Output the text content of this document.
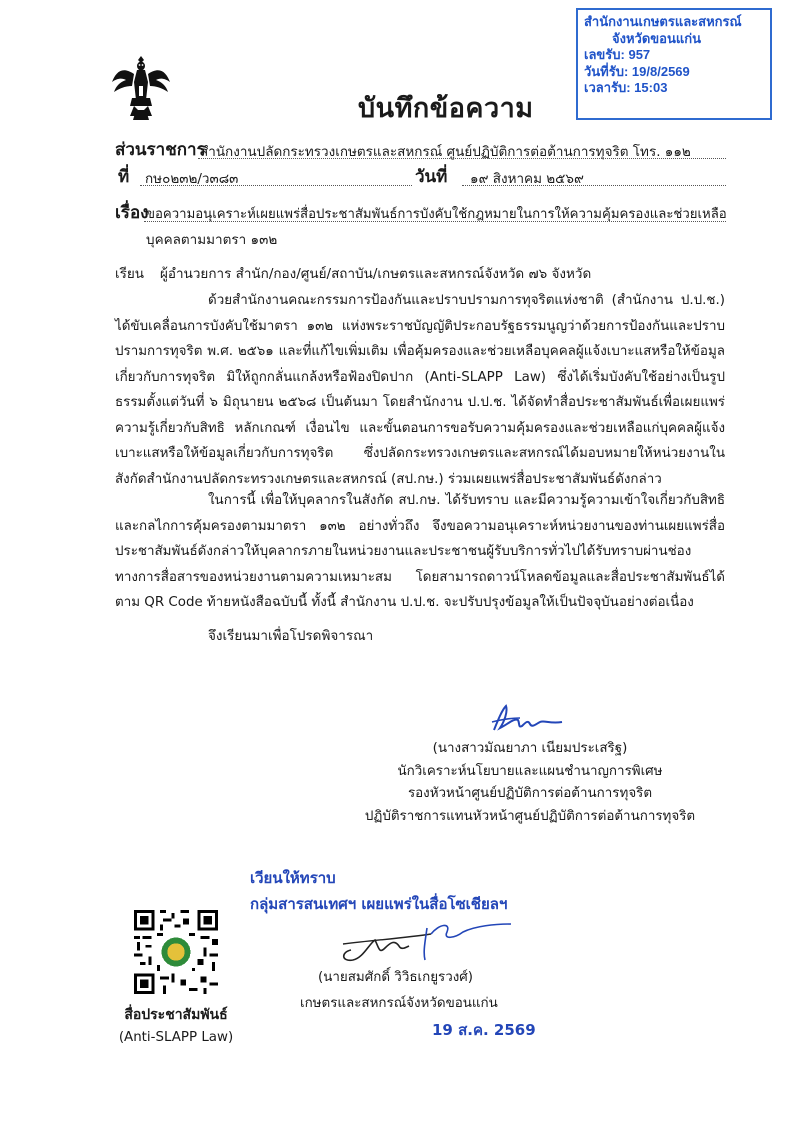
สำนักงานเกษตรและสหกรณ์
จังหวัดขอนแก่น
เลขรับ: 957
วันที่รับ: 19/8/2569
เวลารับ: 15:03
บันทึกข้อความ
ส่วนราชการ
สำนักงานปลัดกระทรวงเกษตรและสหกรณ์ ศูนย์ปฏิบัติการต่อต้านการทุจริต โทร. ๑๑๒
ที่ กษ๐๒๓๒/ว๓๘๓	วันที่ ๑๙ สิงหาคม ๒๕๖๙
เรื่อง
ขอความอนุเคราะห์เผยแพร่สื่อประชาสัมพันธ์การบังคับใช้กฎหมายในการให้ความคุ้มครองและช่วยเหลือ
บุคคลตามมาตรา ๑๓๒
เรียน ผู้อำนวยการ สำนัก/กอง/ศูนย์/สถาบัน/เกษตรและสหกรณ์จังหวัด ๗๖ จังหวัด
ด้วยสำนักงานคณะกรรมการป้องกันและปราบปรามการทุจริตแห่งชาติ (สำนักงาน ป.ป.ช.) ได้ขับเคลื่อนการบังคับใช้มาตรา ๑๓๒ แห่งพระราชบัญญัติประกอบรัฐธรรมนูญว่าด้วยการป้องกันและปราบปรามการทุจริต พ.ศ. ๒๕๖๑ และที่แก้ไขเพิ่มเติม เพื่อคุ้มครองและช่วยเหลือบุคคลผู้แจ้งเบาะแสหรือให้ข้อมูลเกี่ยวกับการทุจริต มิให้ถูกกลั่นแกล้งหรือฟ้องปิดปาก (Anti-SLAPP Law) ซึ่งได้เริ่มบังคับใช้อย่างเป็นรูปธรรมตั้งแต่วันที่ ๖ มิถุนายน ๒๕๖๘ เป็นต้นมา โดยสำนักงาน ป.ป.ช. ได้จัดทำสื่อประชาสัมพันธ์เพื่อเผยแพร่ความรู้เกี่ยวกับสิทธิ หลักเกณฑ์ เงื่อนไข และขั้นตอนการขอรับความคุ้มครองและช่วยเหลือแก่บุคคลผู้แจ้งเบาะแสหรือให้ข้อมูลเกี่ยวกับการทุจริต ซึ่งปลัดกระทรวงเกษตรและสหกรณ์ได้มอบหมายให้หน่วยงานในสังกัดสำนักงานปลัดกระทรวงเกษตรและสหกรณ์ (สป.กษ.) ร่วมเผยแพร่สื่อประชาสัมพันธ์ดังกล่าว
ในการนี้ เพื่อให้บุคลากรในสังกัด สป.กษ. ได้รับทราบ และมีความรู้ความเข้าใจเกี่ยวกับสิทธิและกลไกการคุ้มครองตามมาตรา ๑๓๒ อย่างทั่วถึง จึงขอความอนุเคราะห์หน่วยงานของท่านเผยแพร่สื่อประชาสัมพันธ์ดังกล่าวให้บุคลากรภายในหน่วยงานและประชาชนผู้รับบริการทั่วไปได้รับทราบผ่านช่องทางการสื่อสารของหน่วยงานตามความเหมาะสม โดยสามารถดาวน์โหลดข้อมูลและสื่อประชาสัมพันธ์ได้ตาม QR Code ท้ายหนังสือฉบับนี้ ทั้งนี้ สำนักงาน ป.ป.ช. จะปรับปรุงข้อมูลให้เป็นปัจจุบันอย่างต่อเนื่อง
จึงเรียนมาเพื่อโปรดพิจารณา
(นางสาวมัณยาภา เนียมประเสริฐ)
นักวิเคราะห์นโยบายและแผนชำนาญการพิเศษ
รองหัวหน้าศูนย์ปฏิบัติการต่อต้านการทุจริต
ปฏิบัติราชการแทนหัวหน้าศูนย์ปฏิบัติการต่อต้านการทุจริต
เวียนให้ทราบ
กลุ่มสารสนเทศฯ เผยแพร่ในสื่อโซเชียลฯ
(นายสมศักดิ์ วิวิธเกยูรวงศ์)
เกษตรและสหกรณ์จังหวัดขอนแก่น
19 ส.ค. 2569
สื่อประชาสัมพันธ์
(Anti-SLAPP Law)
